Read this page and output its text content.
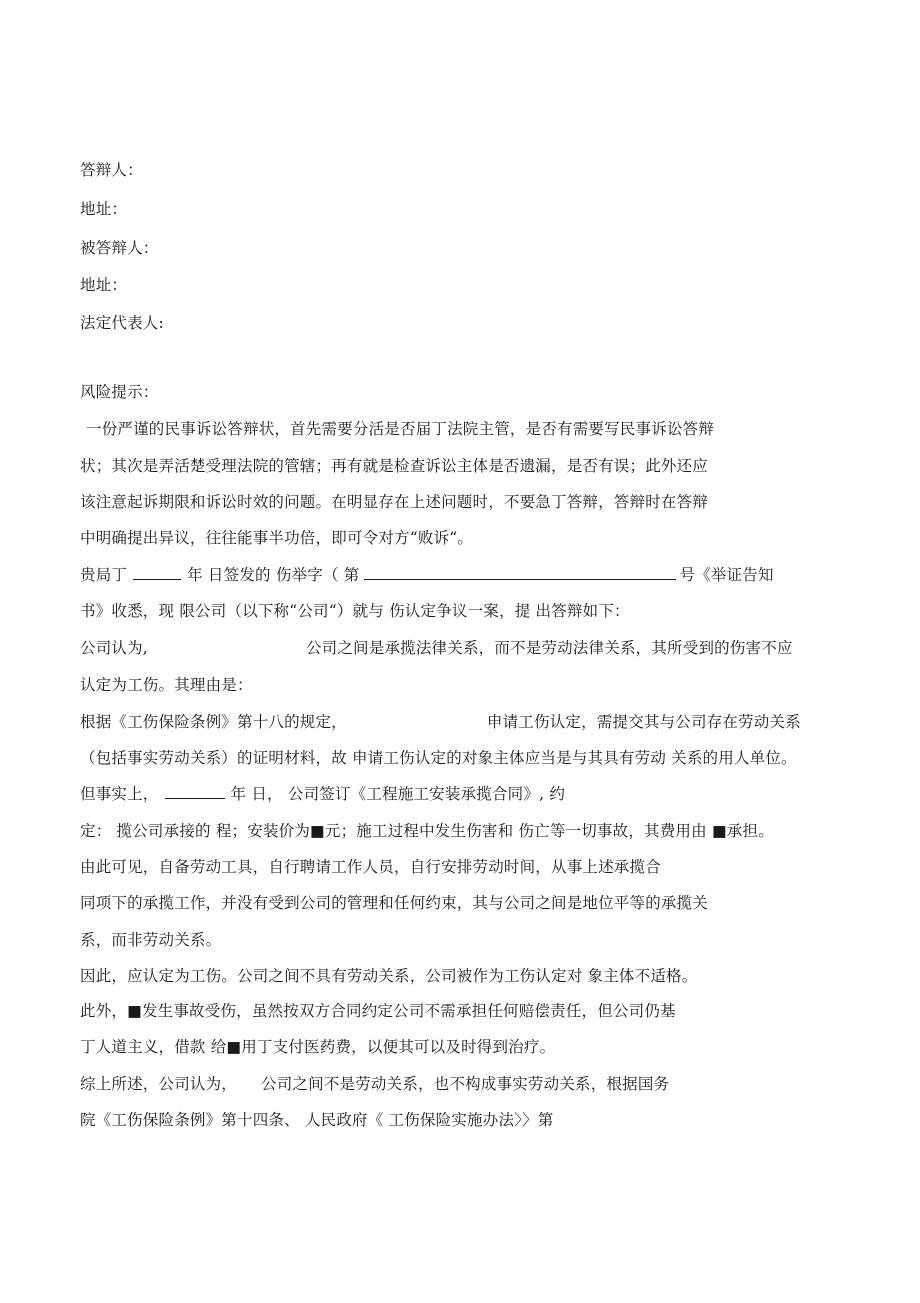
答辩人：
地址：
被答辩人：
地址：
法定代表人:
风险提示：
一份严谨的民事诉讼答辩状，首先需要分活是否届丁法院主管，是否有需要写民事诉讼答辩
状；其次是弄活楚受理法院的管辖；再有就是检查诉讼主体是否遗漏，是否有误；此外还应
该注意起诉期限和诉讼时效的问题。在明显存在上述问题时，不要急丁答辩，答辩时在答辩
中明确提出异议，往往能事半功倍，即可令对方“败诉“。
贵局丁	年 日签发的 伤举字（ 第	号《举证告知
书》收悉，现 限公司（以下称“公司“）就与 伤认定争议一案，提 出答辩如下：
公司认为,	公司之间是承揽法律关系，而不是劳动法律关系，其所受到的伤害不应
认定为工伤。其理由是：
根据《工伤保险条例》第十八的规定，	申请工伤认定，需提交其与公司存在劳动关系
（包括事实劳动关系）的证明材料，故 申请工伤认定的对象主体应当是与其具有劳动 关系的用人单位。
但事实上，	年 日， 公司签订《工程施工安装承揽合同》, 约
定： 揽公司承接的 程；安装价为■元；施工过程中发生伤害和 伤亡等一切事故，其费用由 ■承担。
由此可见，自备劳动工具，自行聘请工作人员，自行安排劳动时间，从事上述承揽合
同项下的承揽工作，并没有受到公司的管理和任何约束，其与公司之间是地位平等的承揽关
系，而非劳动关系。
因此，应认定为工伤。公司之间不具有劳动关系，公司被作为工伤认定对 象主体不适格。
此外，■发生事故受伤，虽然按双方合同约定公司不需承担任何赔偿责任，但公司仍基
丁人道主义，借款 给■用丁支付医药费，以便其可以及时得到治疗。
综上所述，公司认为， 公司之间不是劳动关系，也不构成事实劳动关系，根据国务
院《工伤保险条例》第十四条、 人民政府《 工伤保险实施办法〉〉第
